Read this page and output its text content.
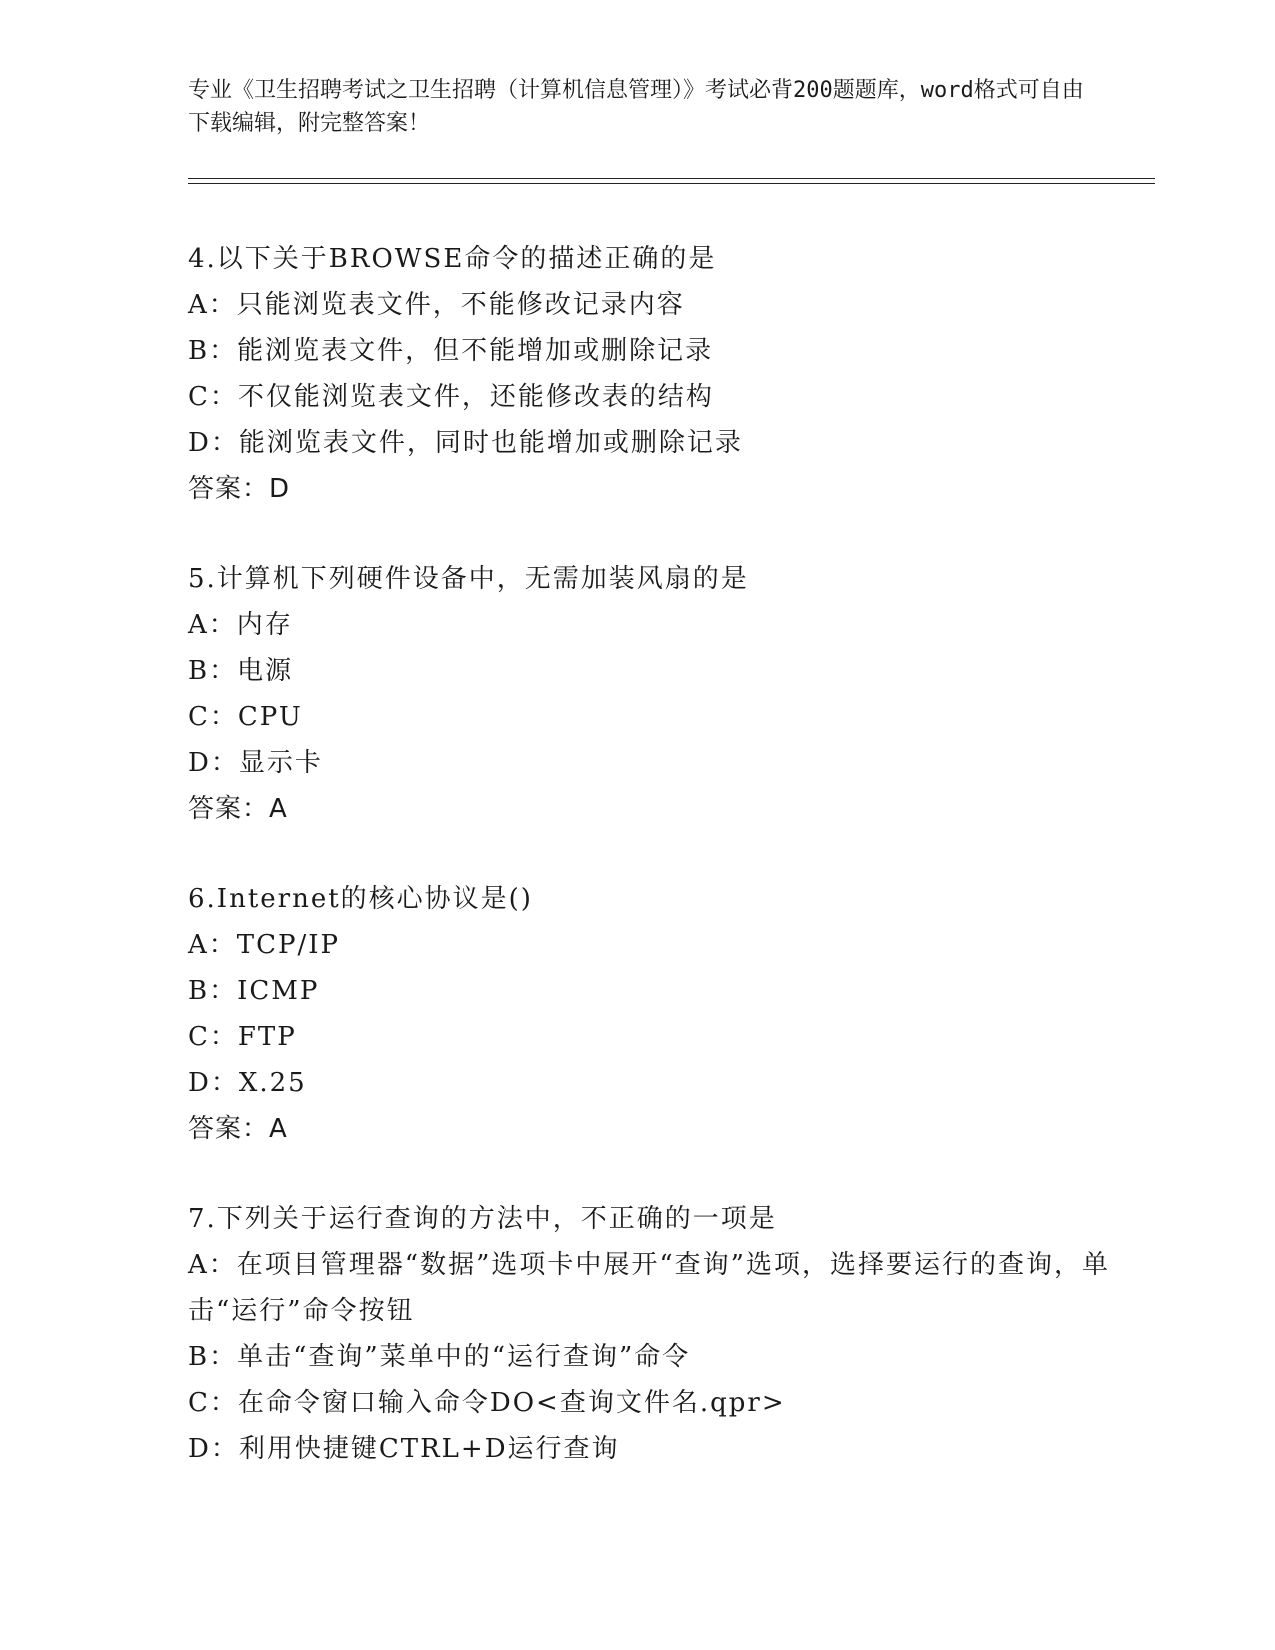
专业《卫生招聘考试之卫生招聘（计算机信息管理）》考试必背200题题库，word格式可自由下载编辑，附完整答案！
4.以下关于BROWSE命令的描述正确的是
A：只能浏览表文件，不能修改记录内容
B：能浏览表文件，但不能增加或删除记录
C：不仅能浏览表文件，还能修改表的结构
D：能浏览表文件，同时也能增加或删除记录
答案：D
5.计算机下列硬件设备中，无需加装风扇的是
A：内存
B：电源
C：CPU
D：显示卡
答案：A
6.Internet的核心协议是()
A：TCP/IP
B：ICMP
C：FTP
D：X.25
答案：A
7.下列关于运行查询的方法中，不正确的一项是
A：在项目管理器“数据”选项卡中展开“查询”选项，选择要运行的查询，单击“运行”命令按钮
B：单击“查询”菜单中的“运行查询”命令
C：在命令窗口输入命令DO<查询文件名.qpr>
D：利用快捷键CTRL+D运行查询
